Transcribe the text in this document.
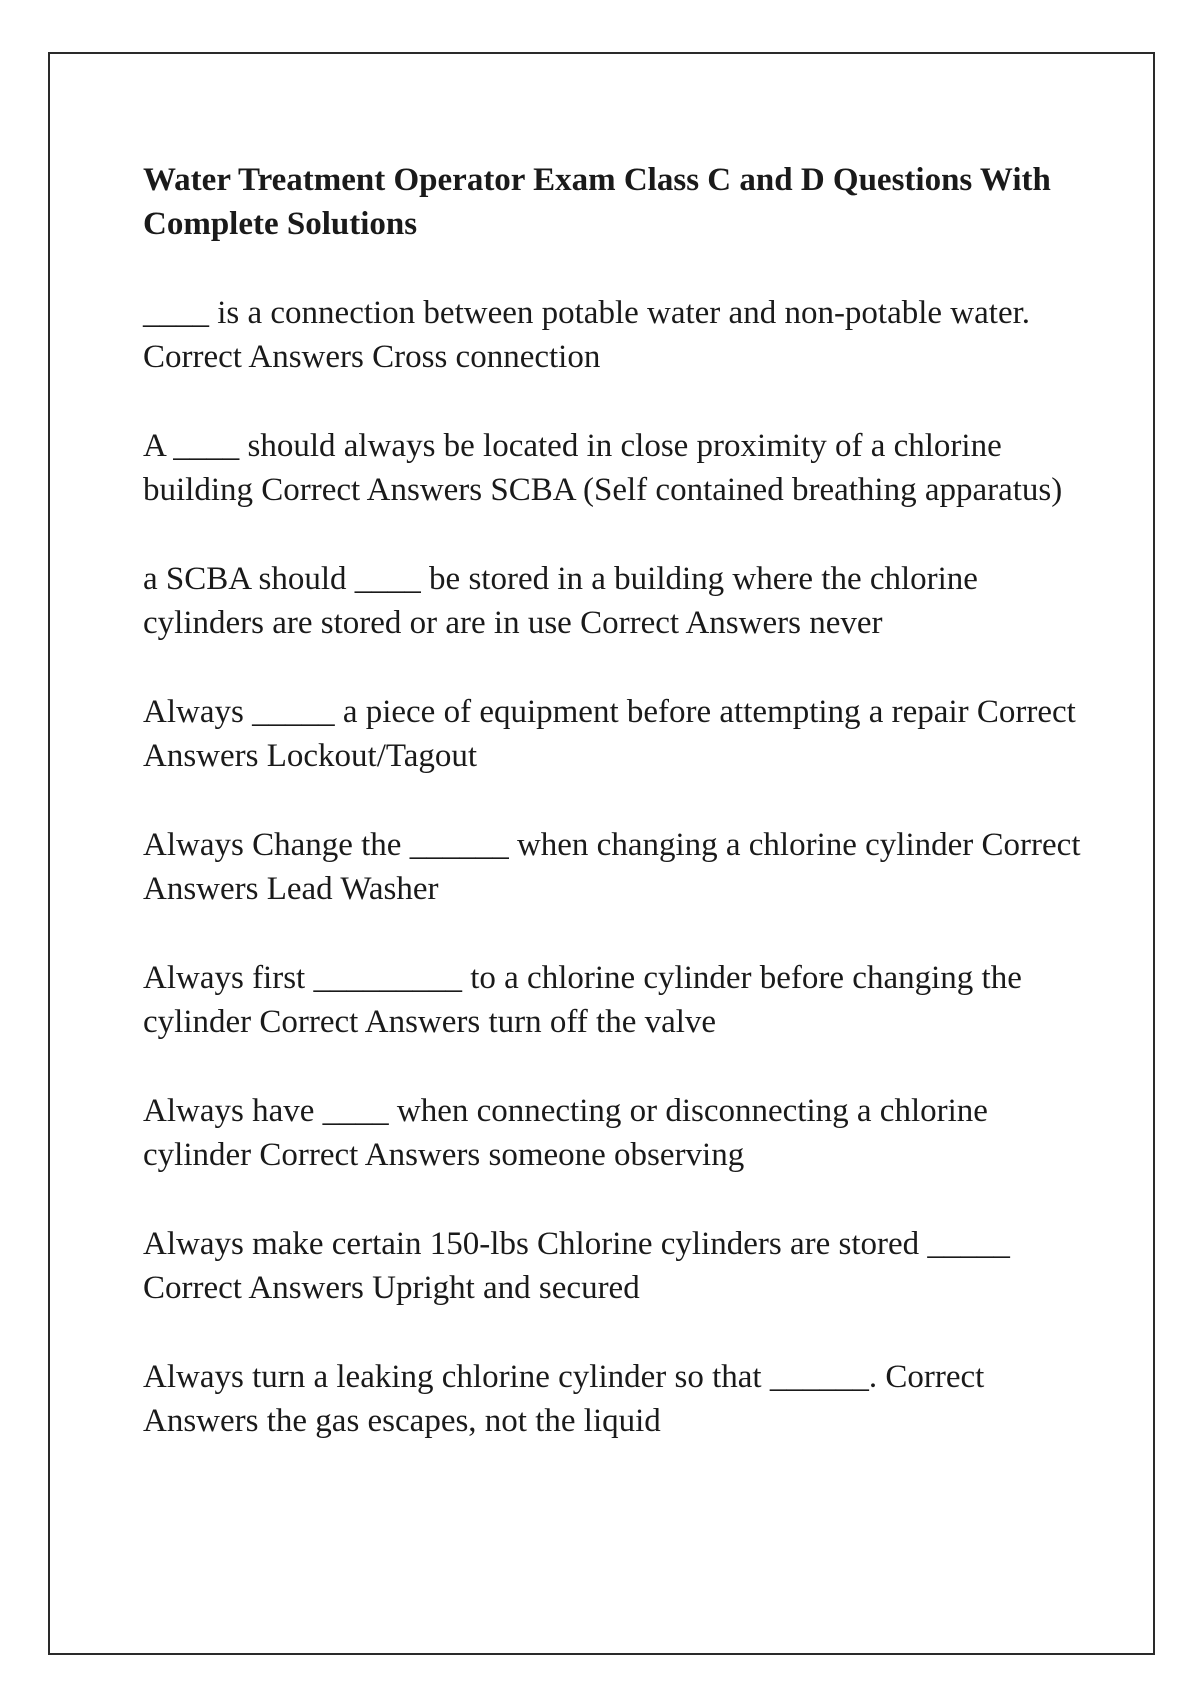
Water Treatment Operator Exam Class C and D Questions With Complete Solutions

____ is a connection between potable water and non-potable water.Correct Answers Cross connection

A ____ should always be located in close proximity of a chlorine building Correct Answers SCBA (Self contained breathing apparatus)

a SCBA should ____ be stored in a building where the chlorine cylinders are stored or are in use Correct Answers never

Always _____ a piece of equipment before attempting a repair Correct Answers Lockout/Tagout

Always Change the ______ when changing a chlorine cylinder Correct Answers Lead Washer

Always first _________ to a chlorine cylinder before changing the cylinder Correct Answers turn off the valve

Always have ____ when connecting or disconnecting a chlorine cylinder Correct Answers someone observing

Always make certain 150-lbs Chlorine cylinders are stored _____Correct Answers Upright and secured

Always turn a leaking chlorine cylinder so that ______. Correct Answers the gas escapes, not the liquid
